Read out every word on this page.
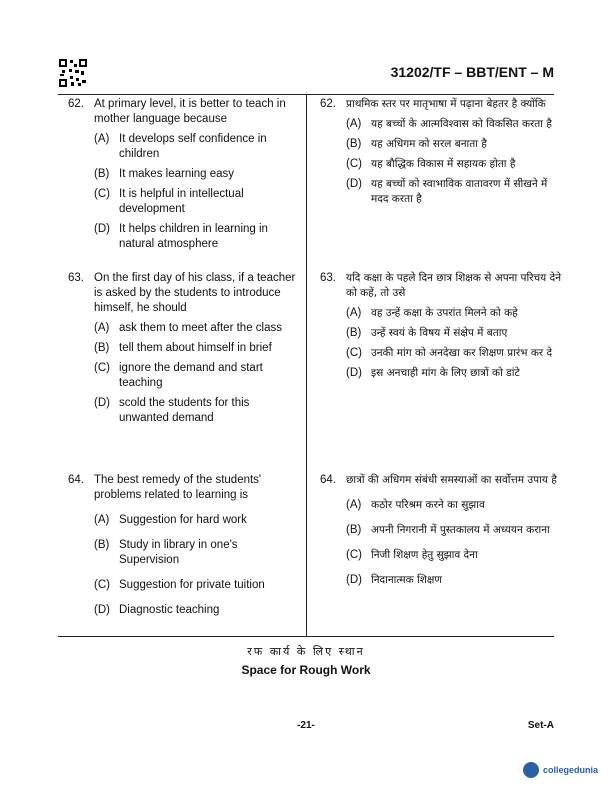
31202/TF – BBT/ENT – M
62. At primary level, it is better to teach in mother language because
(A) It develops self confidence in children
(B) It makes learning easy
(C) It is helpful in intellectual development
(D) It helps children in learning in natural atmosphere
63. On the first day of his class, if a teacher is asked by the students to introduce himself, he should
(A) ask them to meet after the class
(B) tell them about himself in brief
(C) ignore the demand and start teaching
(D) scold the students for this unwanted demand
64. The best remedy of the students' problems related to learning is
(A) Suggestion for hard work
(B) Study in library in one's Supervision
(C) Suggestion for private tuition
(D) Diagnostic teaching
62. प्राथमिक स्तर पर मातृभाषा में पढ़ाना बेहतर है क्योंकि
(A) यह बच्चों के आत्मविश्वास को विकसित करता है
(B) यह अधिगम को सरल बनाता है
(C) यह बौद्धिक विकास में सहायक होता है
(D) यह बच्चों को स्वाभाविक वातावरण में सीखने में मदद करता है
63. यदि कक्षा के पहले दिन छात्र शिक्षक से अपना परिचय देने को कहें, तो उसे
(A) वह उन्हें कक्षा के उपरांत मिलने को कहे
(B) उन्हें स्वयं के विषय में संक्षेप में बताए
(C) उनकी मांग को अनदेखा कर शिक्षण प्रारंभ कर दे
(D) इस अनचाही मांग के लिए छात्रों को डांटे
64. छात्रों की अधिगम संबंधी समस्याओं का सर्वोत्तम उपाय है
(A) कठोर परिश्रम करने का सुझाव
(B) अपनी निगरानी में पुस्तकालय में अध्ययन कराना
(C) निजी शिक्षण हेतु सुझाव देना
(D) निदानात्मक शिक्षण
रफ कार्य के लिए स्थान
Space for Rough Work
-21-	Set-A
collegedunia
